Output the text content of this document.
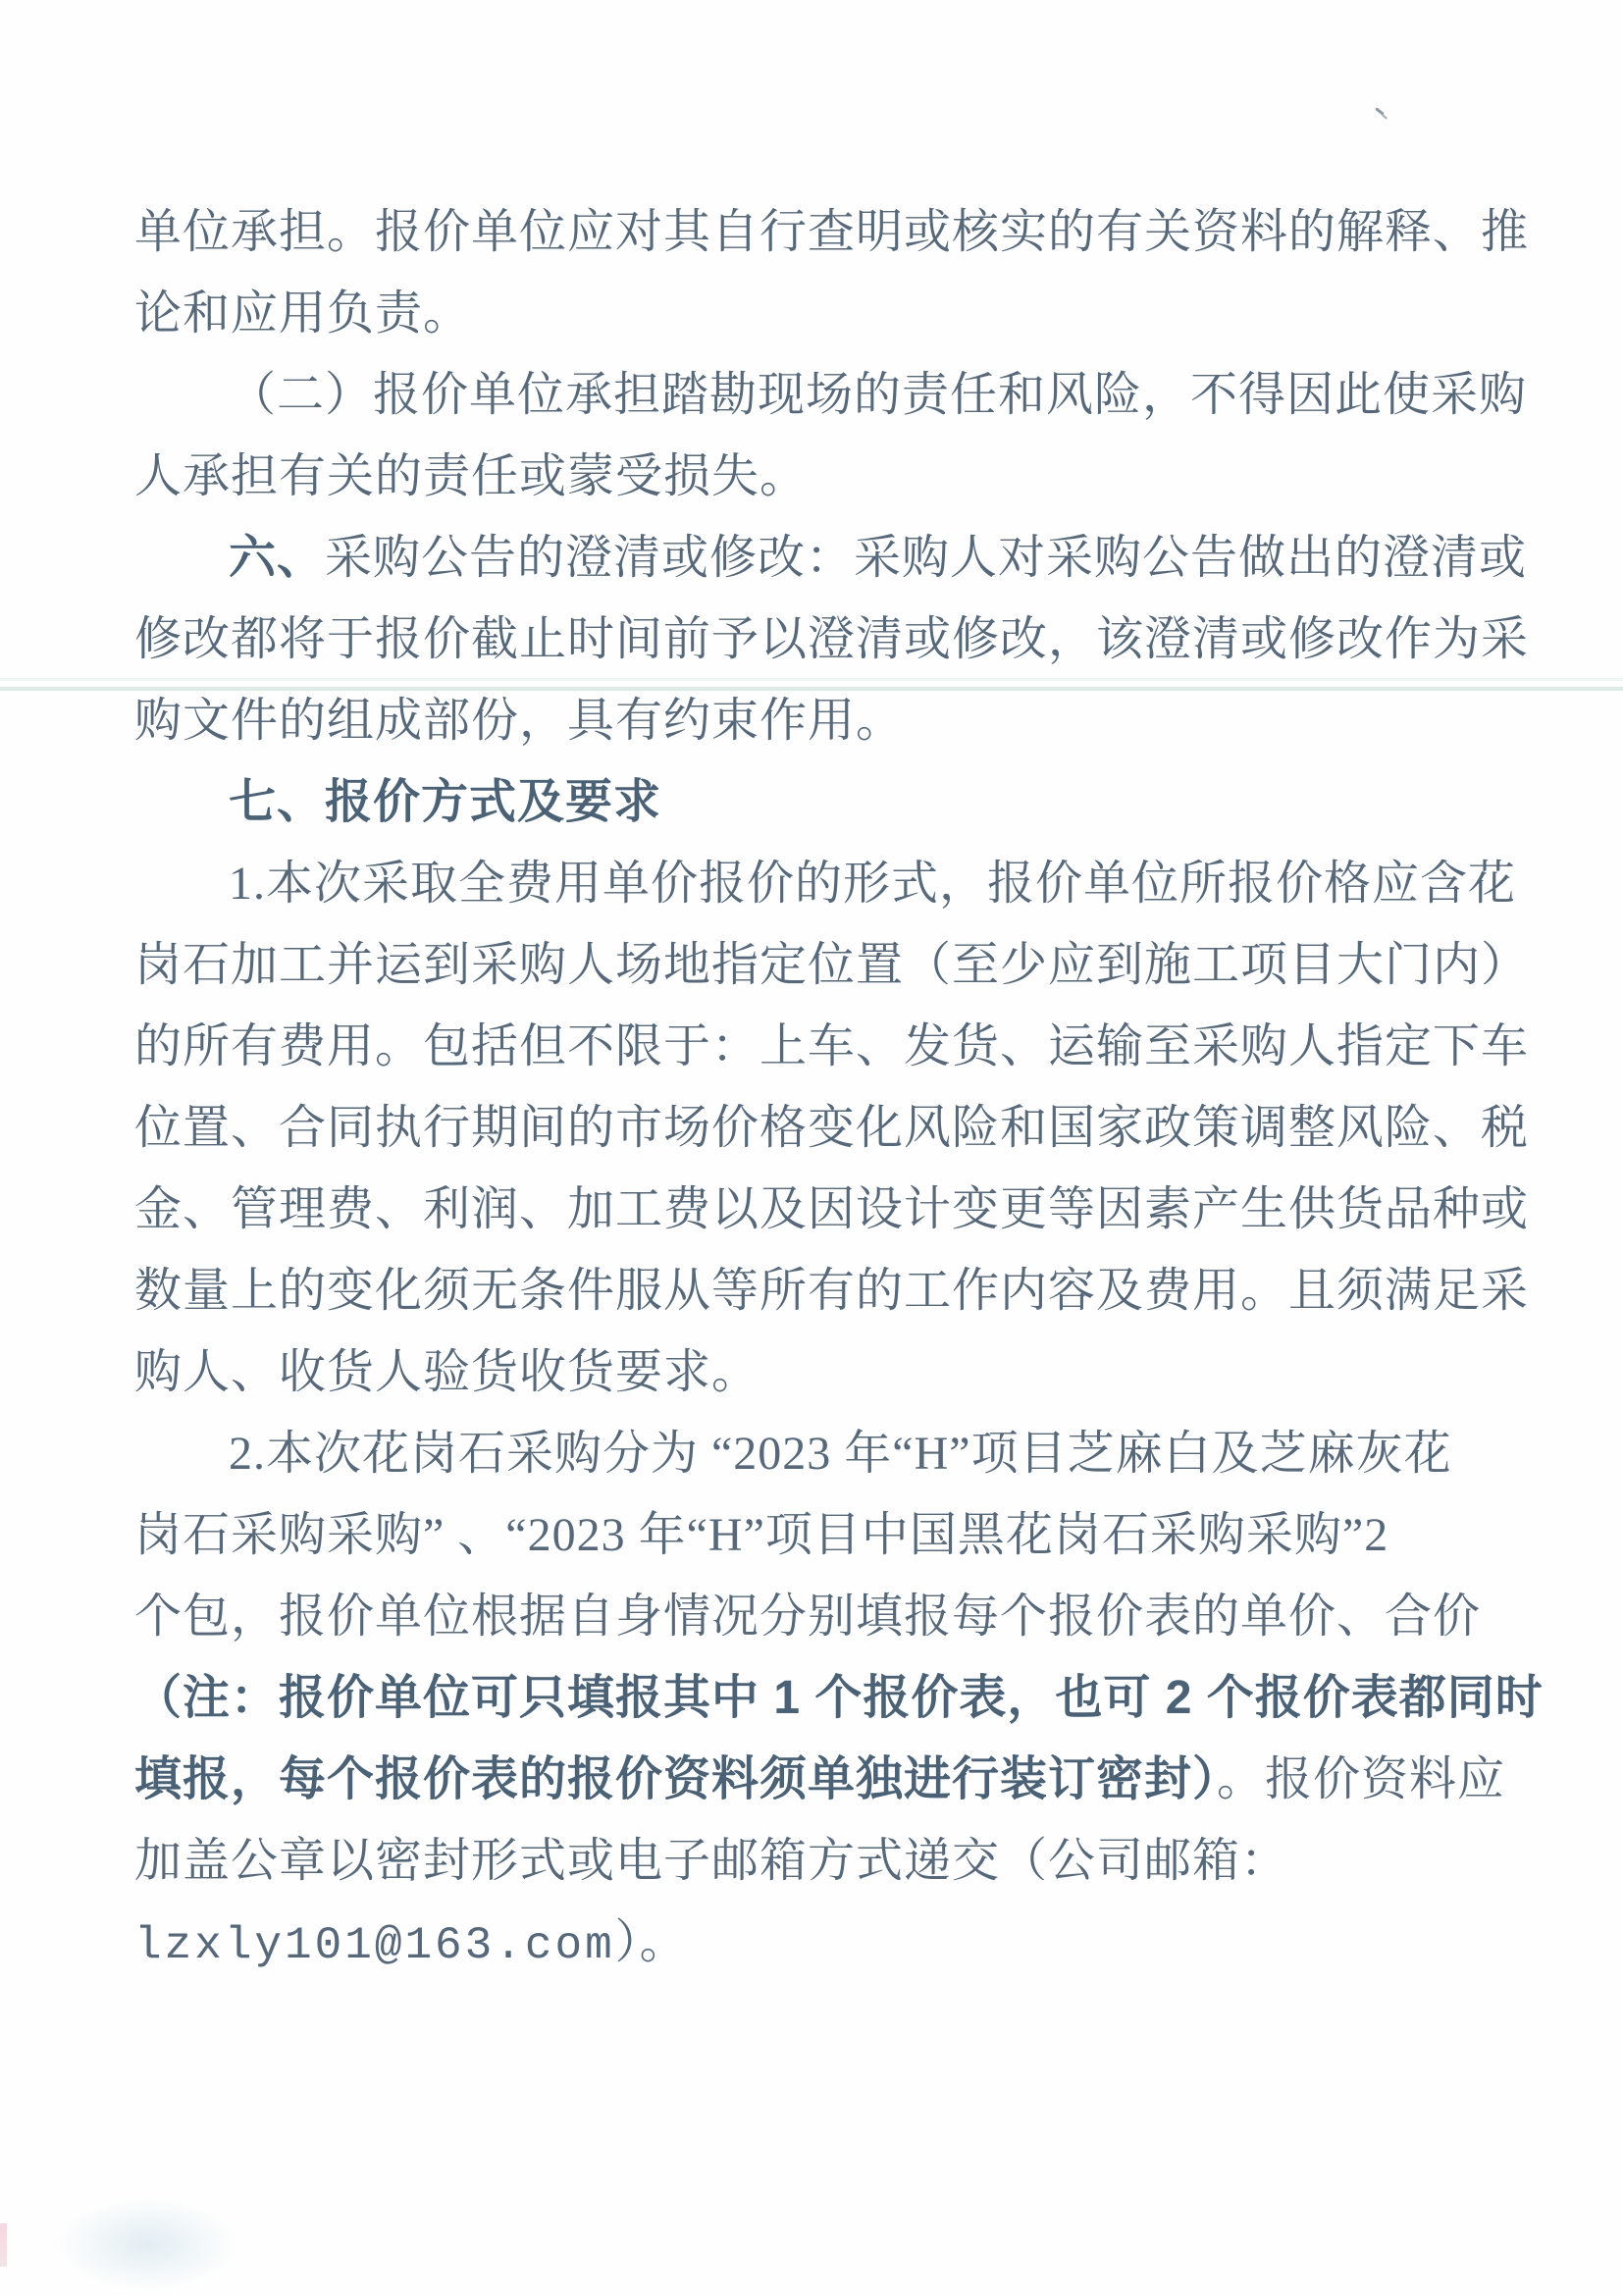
单位承担。报价单位应对其自行查明或核实的有关资料的解释、推
论和应用负责。
（二）报价单位承担踏勘现场的责任和风险，不得因此使采购
人承担有关的责任或蒙受损失。
六、采购公告的澄清或修改：采购人对采购公告做出的澄清或
修改都将于报价截止时间前予以澄清或修改，该澄清或修改作为采
购文件的组成部份，具有约束作用。
七、报价方式及要求
1.本次采取全费用单价报价的形式，报价单位所报价格应含花
岗石加工并运到采购人场地指定位置（至少应到施工项目大门内）
的所有费用。包括但不限于：上车、发货、运输至采购人指定下车
位置、合同执行期间的市场价格变化风险和国家政策调整风险、税
金、管理费、利润、加工费以及因设计变更等因素产生供货品种或
数量上的变化须无条件服从等所有的工作内容及费用。且须满足采
购人、收货人验货收货要求。
2.本次花岗石采购分为 “2023 年“H”项目芝麻白及芝麻灰花
岗石采购采购” 、“2023 年“H”项目中国黑花岗石采购采购”2
个包，报价单位根据自身情况分别填报每个报价表的单价、合价
（注：报价单位可只填报其中 1 个报价表，也可 2 个报价表都同时
填报，每个报价表的报价资料须单独进行装订密封）。报价资料应
加盖公章以密封形式或电子邮箱方式递交（公司邮箱：
lzxly101@163.com）。
